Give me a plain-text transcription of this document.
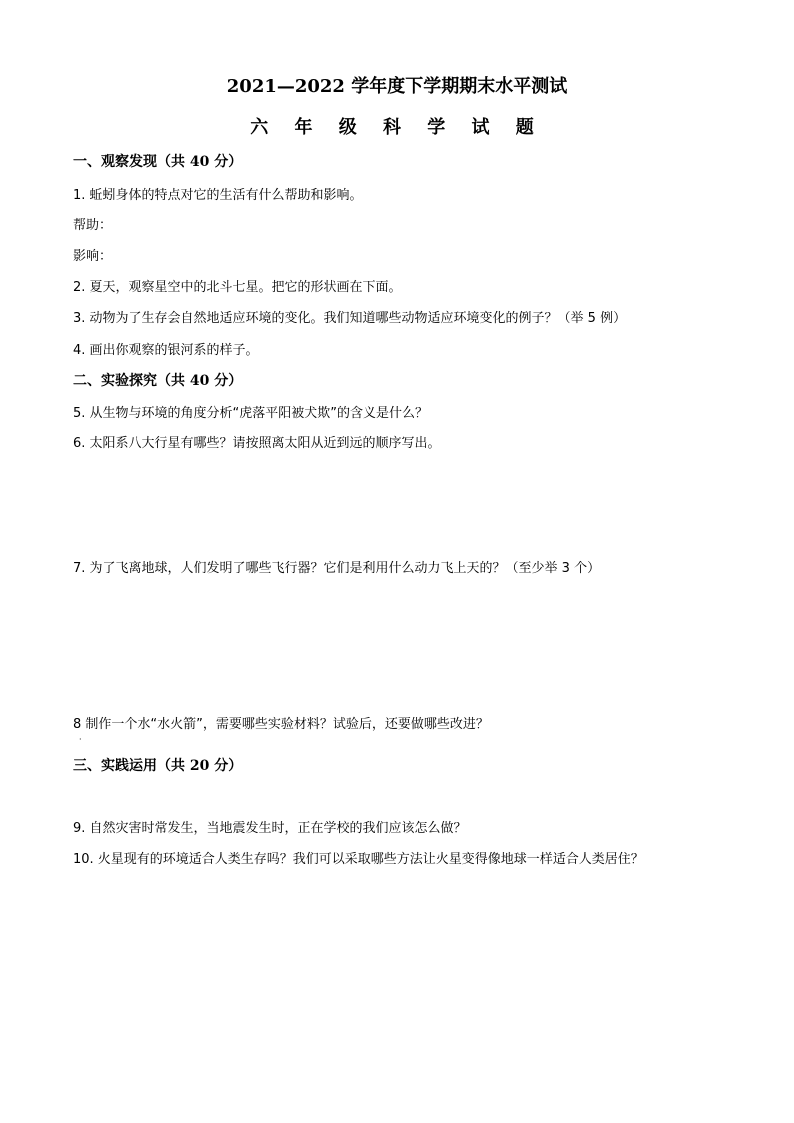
2021—2022 学年度下学期期末水平测试
六 年 级 科 学 试 题
一、观察发现（共 40 分）
1. 蚯蚓身体的特点对它的生活有什么帮助和影响。
帮助：
影响：
2. 夏天，观察星空中的北斗七星。把它的形状画在下面。
3. 动物为了生存会自然地适应环境的变化。我们知道哪些动物适应环境变化的例子？（举 5 例）
4. 画出你观察的银河系的样子。
二、实验探究（共 40 分）
5. 从生物与环境的角度分析“虎落平阳被犬欺”的含义是什么？
6. 太阳系八大行星有哪些？请按照离太阳从近到远的顺序写出。
7. 为了飞离地球，人们发明了哪些飞行器？它们是利用什么动力飞上天的？（至少举 3 个）
8 制作一个水“水火箭”，需要哪些实验材料？试验后，还要做哪些改进？
·
三、实践运用（共 20 分）
9. 自然灾害时常发生，当地震发生时，正在学校的我们应该怎么做？
10. 火星现有的环境适合人类生存吗？我们可以采取哪些方法让火星变得像地球一样适合人类居住？
